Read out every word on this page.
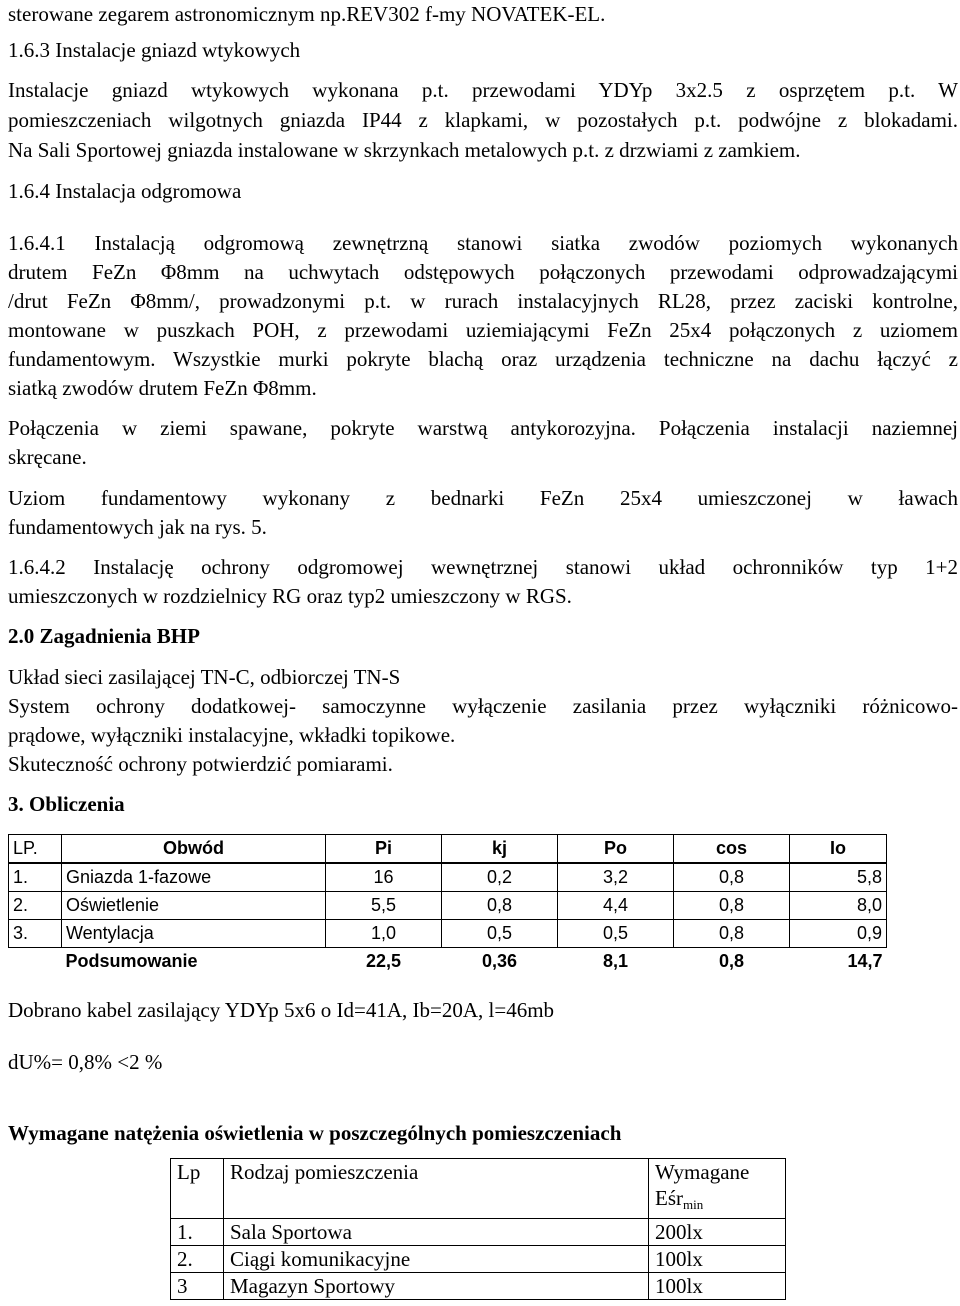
sterowane zegarem astronomicznym np.REV302 f-my NOVATEK-EL.
1.6.3 Instalacje gniazd wtykowych
Instalacje gniazd wtykowych wykonana p.t. przewodami YDYp 3x2.5 z osprzętem p.t. W
pomieszczeniach wilgotnych gniazda IP44 z klapkami, w pozostałych p.t. podwójne z blokadami.
Na Sali Sportowej gniazda instalowane w skrzynkach metalowych p.t. z drzwiami z zamkiem.
1.6.4 Instalacja odgromowa
1.6.4.1 Instalacją odgromową zewnętrzną stanowi siatka zwodów poziomych wykonanych
drutem FeZn Φ8mm na uchwytach odstępowych połączonych przewodami odprowadzającymi
/drut FeZn Φ8mm/, prowadzonymi p.t. w rurach instalacyjnych RL28, przez zaciski kontrolne,
montowane w puszkach POH, z przewodami uziemiającymi FeZn 25x4 połączonych z uziomem
fundamentowym. Wszystkie murki pokryte blachą oraz urządzenia techniczne na dachu łączyć z
siatką zwodów drutem FeZn Φ8mm.
Połączenia w ziemi spawane, pokryte warstwą antykorozyjna. Połączenia instalacji naziemnej
skręcane.
Uziom fundamentowy wykonany z bednarki FeZn 25x4 umieszczonej w ławach
fundamentowych jak na rys. 5.
1.6.4.2 Instalację ochrony odgromowej wewnętrznej stanowi układ ochronników typ 1+2
umieszczonych w rozdzielnicy RG oraz typ2 umieszczony w RGS.
2.0 Zagadnienia BHP
Układ sieci zasilającej TN-C, odbiorczej TN-S
System ochrony dodatkowej- samoczynne wyłączenie zasilania przez wyłączniki różnicowo-
prądowe, wyłączniki instalacyjne, wkładki topikowe.
Skuteczność ochrony potwierdzić pomiarami.
3. Obliczenia
LP.	Obwód	Pi	kj	Po	cos	Io
1.	Gniazda 1-fazowe	16	0,2	3,2	0,8	5,8
2.	Oświetlenie	5,5	0,8	4,4	0,8	8,0
3.	Wentylacja	1,0	0,5	0,5	0,8	0,9
	Podsumowanie	22,5	0,36	8,1	0,8	14,7
Dobrano kabel zasilający YDYp 5x6 o Id=41A, Ib=20A, l=46mb
dU%= 0,8% <2 %
Wymagane natężenia oświetlenia w poszczególnych pomieszczeniach
Lp	Rodzaj pomieszczenia	Wymagane
Eśr$_{min}$

1.	Sala Sportowa	200lx
2.	Ciągi komunikacyjne	100lx
3	Magazyn Sportowy	100lx
